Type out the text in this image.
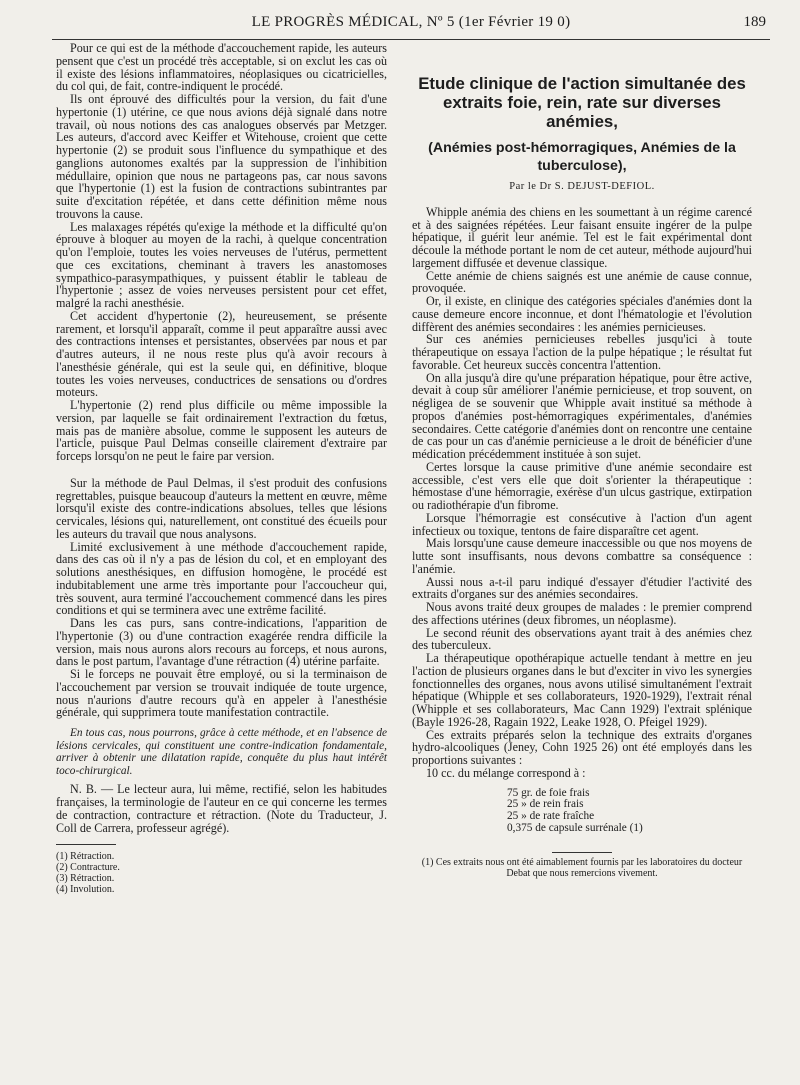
LE PROGRÈS MÉDICAL, Nº 5 (1er Février 19 0)	189

Pour ce qui est de la méthode d'accouchement rapide, les auteurs pensent que c'est un procédé très acceptable, si on exclut les cas où il existe des lésions inflammatoires, néoplasiques ou cicatricielles, du col qui, de fait, contre-indiquent le procédé.

Ils ont éprouvé des difficultés pour la version, du fait d'une hypertonie (1) utérine, ce que nous avions déjà signalé dans notre travail, où nous notions des cas analogues observés par Metzger. Les auteurs, d'accord avec Keiffer et Witehouse, croient que cette hypertonie (2) se produit sous l'influence du sympathique et des ganglions autonomes exaltés par la suppression de l'inhibition médullaire, opinion que nous ne partageons pas, car nous savons que l'hypertonie (1) est la fusion de contractions subintrantes par suite d'excitation répétée, et dans cette définition même nous trouvons la cause.

Les malaxages répétés qu'exige la méthode et la difficulté qu'on éprouve à bloquer au moyen de la rachi, à quelque concentration qu'on l'emploie, toutes les voies nerveuses de l'utérus, permettent que ces excitations, cheminant à travers les anastomoses sympathico-parasympathiques, y puissent établir le tableau de l'hypertonie ; assez de voies nerveuses persistent pour cet effet, malgré la rachi anesthésie.

Cet accident d'hypertonie (2), heureusement, se présente rarement, et lorsqu'il apparaît, comme il peut apparaître aussi avec des contractions intenses et persistantes, observées par nous et par d'autres auteurs, il ne nous reste plus qu'à avoir recours à l'anesthésie générale, qui est la seule qui, en définitive, bloque toutes les voies nerveuses, conductrices de sensations ou d'ordres moteurs.

L'hypertonie (2) rend plus difficile ou même impossible la version, par laquelle se fait ordinairement l'extraction du fœtus, mais pas de manière absolue, comme le supposent les auteurs de l'article, puisque Paul Delmas conseille clairement d'extraire par forceps lorsqu'on ne peut le faire par version.

Sur la méthode de Paul Delmas, il s'est produit des confusions regrettables, puisque beaucoup d'auteurs la mettent en œuvre, même lorsqu'il existe des contre-indications absolues, telles que lésions cervicales, lésions qui, naturellement, ont constitué des écueils pour les auteurs du travail que nous analysons.

Limité exclusivement à une méthode d'accouchement rapide, dans des cas où il n'y a pas de lésion du col, et en employant des solutions anesthésiques, en diffusion homogène, le procédé est indubitablement une arme très importante pour l'accoucheur qui, très souvent, aura terminé l'accouchement commencé dans les pires conditions et qui se terminera avec une extrême facilité.

Dans les cas purs, sans contre-indications, l'apparition de l'hypertonie (3) ou d'une contraction exagérée rendra difficile la version, mais nous aurons alors recours au forceps, et nous aurons, dans le post partum, l'avantage d'une rétraction (4) utérine parfaite.

Si le forceps ne pouvait être employé, ou si la terminaison de l'accouchement par version se trouvait indiquée de toute urgence, nous n'aurions d'autre recours qu'à en appeler à l'anesthésie générale, qui supprimera toute manifestation contractile.

En tous cas, nous pourrons, grâce à cette méthode, et en l'absence de lésions cervicales, qui constituent une contre-indication fondamentale, arriver à obtenir une dilatation rapide, conquête du plus haut intérêt toco-chirurgical.

N. B. — Le lecteur aura, lui même, rectifié, selon les habitudes françaises, la terminologie de l'auteur en ce qui concerne les termes de contraction, contracture et rétraction. (Note du Traducteur, J. Coll de Carrera, professeur agrégé).

(1) Rétraction.
(2) Contracture.
(3) Rétraction.
(4) Involution.
Etude clinique de l'action simultanée des extraits foie, rein, rate sur diverses anémies,
(Anémies post-hémorragiques, Anémies de la tuberculose),
Par le Dr S. DEJUST-DEFIOL.

Whipple anémia des chiens en les soumettant à un régime carencé et à des saignées répétées. Leur faisant ensuite ingérer de la pulpe hépatique, il guérit leur anémie. Tel est le fait expérimental dont découle la méthode portant le nom de cet auteur, méthode aujourd'hui largement diffusée et devenue classique.

Cette anémie de chiens saignés est une anémie de cause connue, provoquée.

Or, il existe, en clinique des catégories spéciales d'anémies dont la cause demeure encore inconnue, et dont l'hématologie et l'évolution diffèrent des anémies secondaires : les anémies pernicieuses.

Sur ces anémies pernicieuses rebelles jusqu'ici à toute thérapeutique on essaya l'action de la pulpe hépatique ; le résultat fut favorable. Cet heureux succès concentra l'attention.

On alla jusqu'à dire qu'une préparation hépatique, pour être active, devait à coup sûr améliorer l'anémie pernicieuse, et trop souvent, on négligea de se souvenir que Whipple avait institué sa méthode à propos d'anémies post-hémorragiques expérimentales, d'anémies secondaires. Cette catégorie d'anémies dont on rencontre une centaine de cas pour un cas d'anémie pernicieuse a le droit de bénéficier d'une médication précédemment instituée à son sujet.

Certes lorsque la cause primitive d'une anémie secondaire est accessible, c'est vers elle que doit s'orienter la thérapeutique : hémostase d'une hémorragie, exérèse d'un ulcus gastrique, extirpation ou radiothérapie d'un fibrome.

Lorsque l'hémorragie est consécutive à l'action d'un agent infectieux ou toxique, tentons de faire disparaître cet agent.

Mais lorsqu'une cause demeure inaccessible ou que nos moyens de lutte sont insuffisants, nous devons combattre sa conséquence : l'anémie.

Aussi nous a-t-il paru indiqué d'essayer d'étudier l'activité des extraits d'organes sur des anémies secondaires.

Nous avons traité deux groupes de malades : le premier comprend des affections utérines (deux fibromes, un néoplasme).

Le second réunit des observations ayant trait à des anémies chez des tuberculeux.

La thérapeutique opothérapique actuelle tendant à mettre en jeu l'action de plusieurs organes dans le but d'exciter in vivo les synergies fonctionnelles des organes, nous avons utilisé simultanément l'extrait hépatique (Whipple et ses collaborateurs, 1920-1929), l'extrait rénal (Whipple et ses collaborateurs, Mac Cann 1929) l'extrait splénique (Bayle 1926-28, Ragain 1922, Leake 1928, O. Pfeigel 1929).

Ces extraits préparés selon la technique des extraits d'organes hydro-alcooliques (Jeney, Cohn 1925 26) ont été employés dans les proportions suivantes :

10 cc. du mélange correspond à :

75 gr. de foie frais
25 » de rein frais
25 » de rate fraîche
0,375 de capsule surrénale (1)
(1) Ces extraits nous ont été aimablement fournis par les laboratoires du docteur Debat que nous remercions vivement.
